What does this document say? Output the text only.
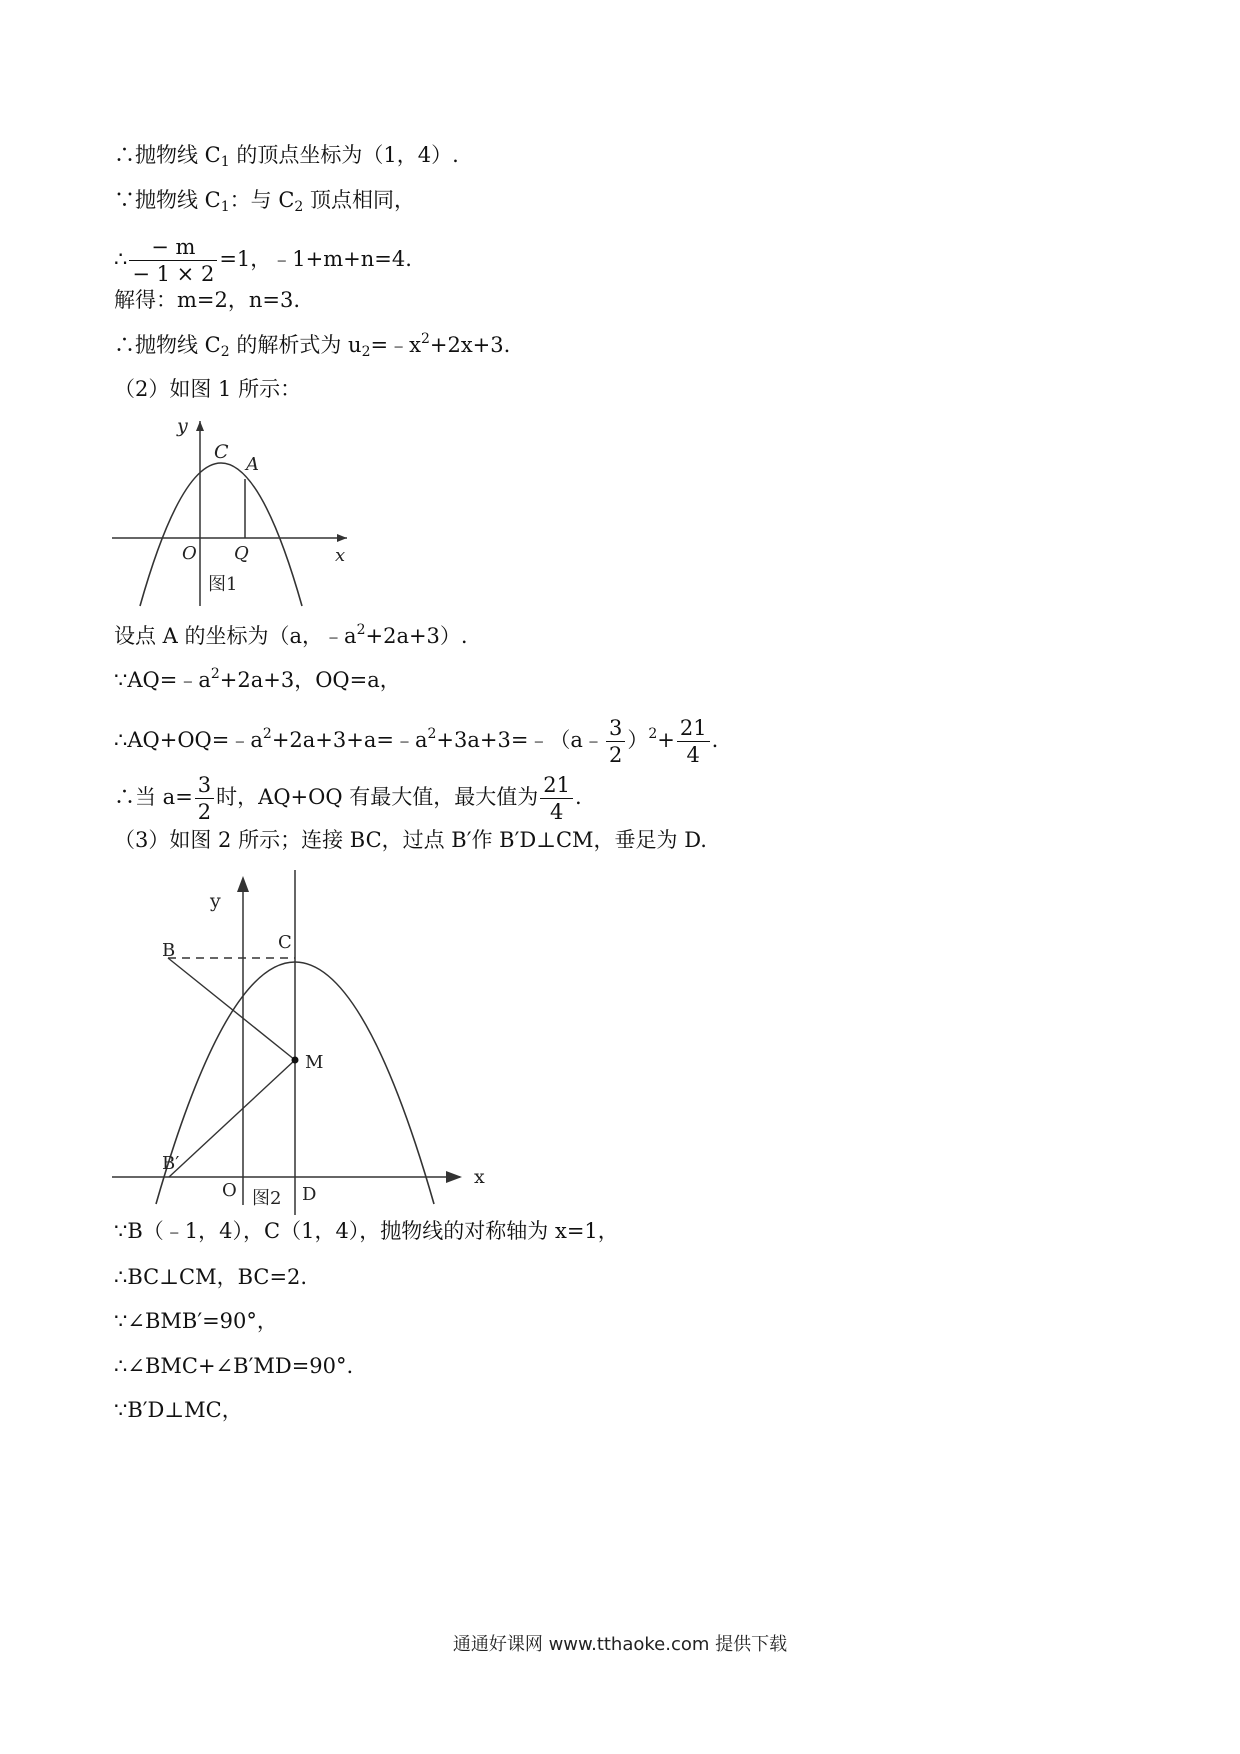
∴抛物线 $C_1$ 的顶点坐标为（1，4）.
∵抛物线 $C_1$：与 $C_2$ 顶点相同，
∴ $\frac{- m}{- 1 \times 2} =1$，﹣1+m+n=4.
解得：m=2，n=3.
∴抛物线 $C_2$ 的解析式为 $u_2=﹣x^2+2x+3$.
（2）如图 1 所示：
y
C
A
O Q	x
图1
设点 A 的坐标为（a，$﹣a^2+2a+3$）.
$\because AQ=﹣a^2+2a+3$，OQ=a，
$\therefore AQ+OQ=﹣a^2+2a+3+a=﹣a^2+3a+3=﹣(a﹣ \frac{3}{2} )^2+ \frac{21}{4}$ .
∴当 $a= \frac{3}{2}$ 时，AQ+OQ 有最大值，最大值为 $\frac{21}{4}$ .
（3）如图 2 所示；连接 BC，过点 B′作 B′D⊥CM，垂足为 D.
y
B	C
M
B′
O 图2 D
x
∵B（﹣1，4），C（1，4），抛物线的对称轴为 x=1，
∴BC⊥CM，BC=2.
∵∠BMB′=90°，
∴∠BMC+∠B′MD=90°.
∵B′D⊥MC，
通通好课网 www.tthaoke.com 提供下载
